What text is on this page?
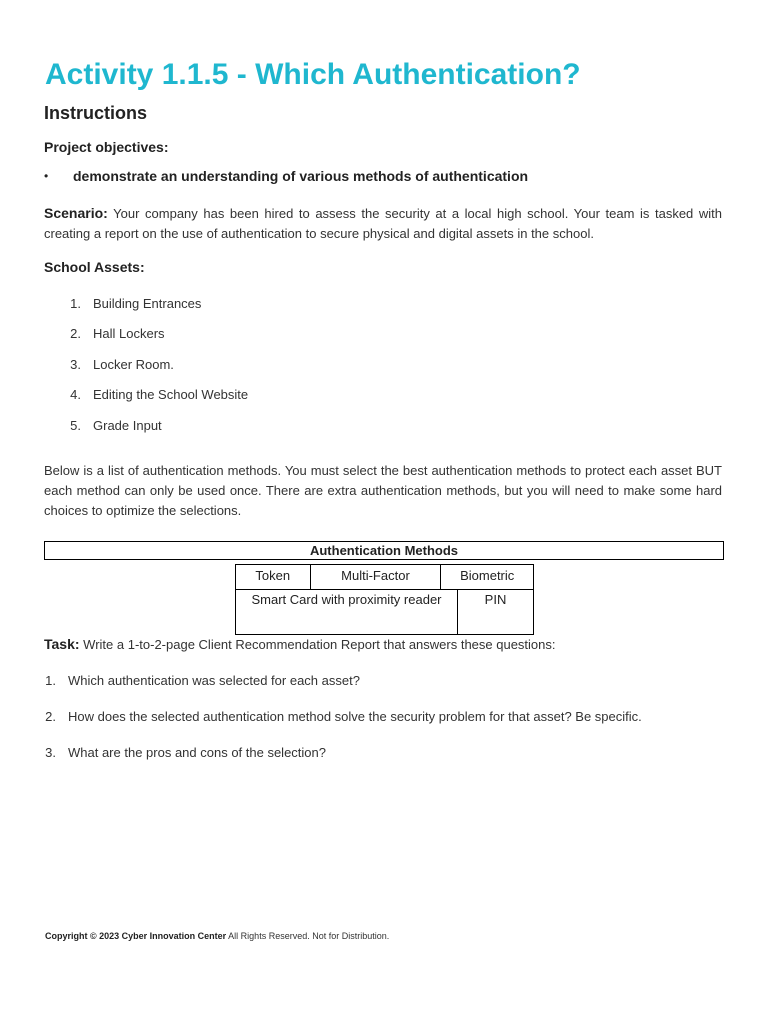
Activity 1.1.5 - Which Authentication?
Instructions
Project objectives:
• demonstrate an understanding of various methods of authentication
Scenario: Your company has been hired to assess the security at a local high school. Your team is tasked with creating a report on the use of authentication to secure physical and digital assets in the school.
School Assets:
1. Building Entrances
2. Hall Lockers
3. Locker Room.
4. Editing the School Website
5. Grade Input
Below is a list of authentication methods. You must select the best authentication methods to protect each asset BUT each method can only be used once. There are extra authentication methods, but you will need to make some hard choices to optimize the selections.
Authentication Methods
Token	Multi-Factor	Biometric
Smart Card with proximity reader	PIN
Task: Write a 1-to-2-page Client Recommendation Report that answers these questions:
1. Which authentication was selected for each asset?
2. How does the selected authentication method solve the security problem for that asset? Be specific.
3. What are the pros and cons of the selection?
Copyright © 2023 Cyber Innovation Center All Rights Reserved. Not for Distribution.
